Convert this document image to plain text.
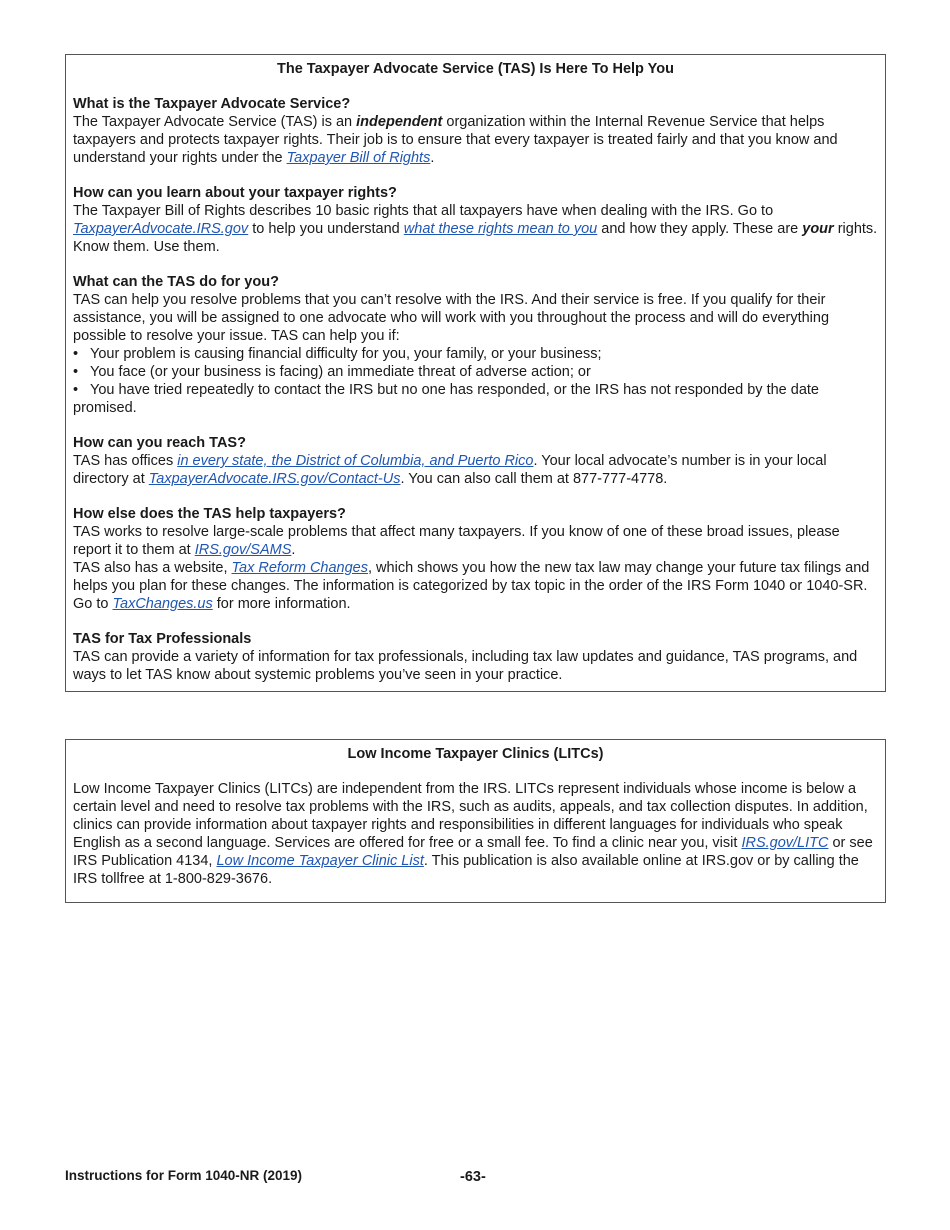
The Taxpayer Advocate Service (TAS) Is Here To Help You
What is the Taxpayer Advocate Service?

The Taxpayer Advocate Service (TAS) is an independent organization within the Internal Revenue Service that helps taxpayers and protects taxpayer rights. Their job is to ensure that every taxpayer is treated fairly and that you know and understand your rights under the Taxpayer Bill of Rights.

How can you learn about your taxpayer rights?

The Taxpayer Bill of Rights describes 10 basic rights that all taxpayers have when dealing with the IRS. Go to TaxpayerAdvocate.IRS.gov to help you understand what these rights mean to you and how they apply. These are your rights. Know them. Use them.

What can the TAS do for you?

TAS can help you resolve problems that you can’t resolve with the IRS. And their service is free. If you qualify for their assistance, you will be assigned to one advocate who will work with you throughout the process and will do everything possible to resolve your issue. TAS can help you if:

• Your problem is causing financial difficulty for you, your family, or your business;
• You face (or your business is facing) an immediate threat of adverse action; or
• You have tried repeatedly to contact the IRS but no one has responded, or the IRS has not responded by the date promised.
How can you reach TAS?

TAS has offices in every state, the District of Columbia, and Puerto Rico. Your local advocate’s number is in your local directory at TaxpayerAdvocate.IRS.gov/Contact-Us. You can also call them at 877-777-4778.

How else does the TAS help taxpayers?

TAS works to resolve large-scale problems that affect many taxpayers. If you know of one of these broad issues, please report it to them at IRS.gov/SAMS.

TAS also has a website, Tax Reform Changes, which shows you how the new tax law may change your future tax filings and helps you plan for these changes. The information is categorized by tax topic in the order of the IRS Form 1040 or 1040-SR. Go to TaxChanges.us for more information.

TAS for Tax Professionals

TAS can provide a variety of information for tax professionals, including tax law updates and guidance, TAS programs, and ways to let TAS know about systemic problems you’ve seen in your practice.

Low Income Taxpayer Clinics (LITCs)

Low Income Taxpayer Clinics (LITCs) are independent from the IRS. LITCs represent individuals whose income is below a certain level and need to resolve tax problems with the IRS, such as audits, appeals, and tax collection disputes. In addition, clinics can provide information about taxpayer rights and responsibilities in different languages for individuals who speak English as a second language. Services are offered for free or a small fee. To find a clinic near you, visit IRS.gov/LITC or see IRS Publication 4134, Low Income Taxpayer Clinic List. This publication is also available online at IRS.gov or by calling the IRS tollfree at 1-800-829-3676.

Instructions for Form 1040-NR (2019)	-63-
